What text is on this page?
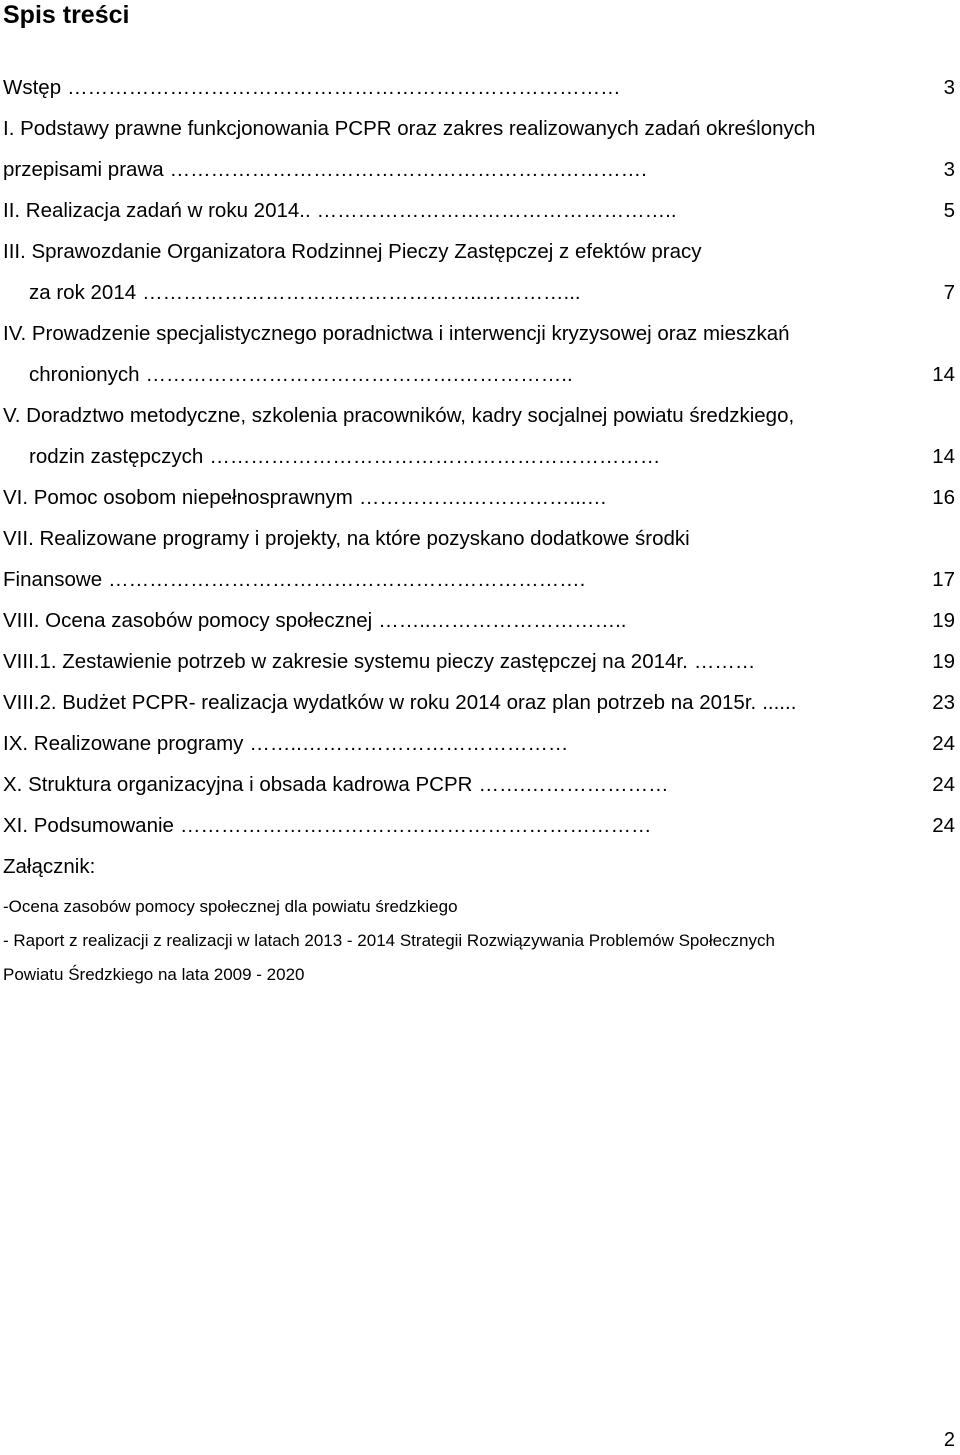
Spis treści
Wstęp ………………………………………………………………………	3
I. Podstawy prawne funkcjonowania PCPR oraz zakres realizowanych zadań określonych
przepisami prawa …………………………………………………………….	3
II. Realizacja zadań w roku 2014.. ……………………………………………..	5
III. Sprawozdanie Organizatora Rodzinnej Pieczy Zastępczej z efektów pracy
za rok 2014 …………………………………………..…………...	7
IV. Prowadzenie specjalistycznego poradnictwa i interwencji kryzysowej oraz mieszkań
chronionych ……………………………………….……………..	14
V. Doradztwo metodyczne, szkolenia pracowników, kadry socjalnej powiatu średzkiego,
rodzin zastępczych …………………………………………………………	14
VI. Pomoc osobom niepełnosprawnym …………….……………...…	16
VII. Realizowane programy i projekty, na które pozyskano dodatkowe środki
Finansowe …………………………………………………………….	17
VIII. Ocena zasobów pomocy społecznej ……..………………………..	19
VIII.1. Zestawienie potrzeb w zakresie systemu pieczy zastępczej na 2014r. ………	19
VIII.2. Budżet PCPR- realizacja wydatków w roku 2014 oraz plan potrzeb na 2015r. ......	23
IX. Realizowane programy ……..…………………………………	24
X. Struktura organizacyjna i obsada kadrowa PCPR …….…………………	24
XI. Podsumowanie ……………………………………………………………	24
Załącznik:
-Ocena zasobów pomocy społecznej dla powiatu średzkiego
- Raport z realizacji z realizacji w latach 2013 - 2014 Strategii Rozwiązywania Problemów Społecznych
Powiatu Średzkiego na lata 2009 - 2020
2
